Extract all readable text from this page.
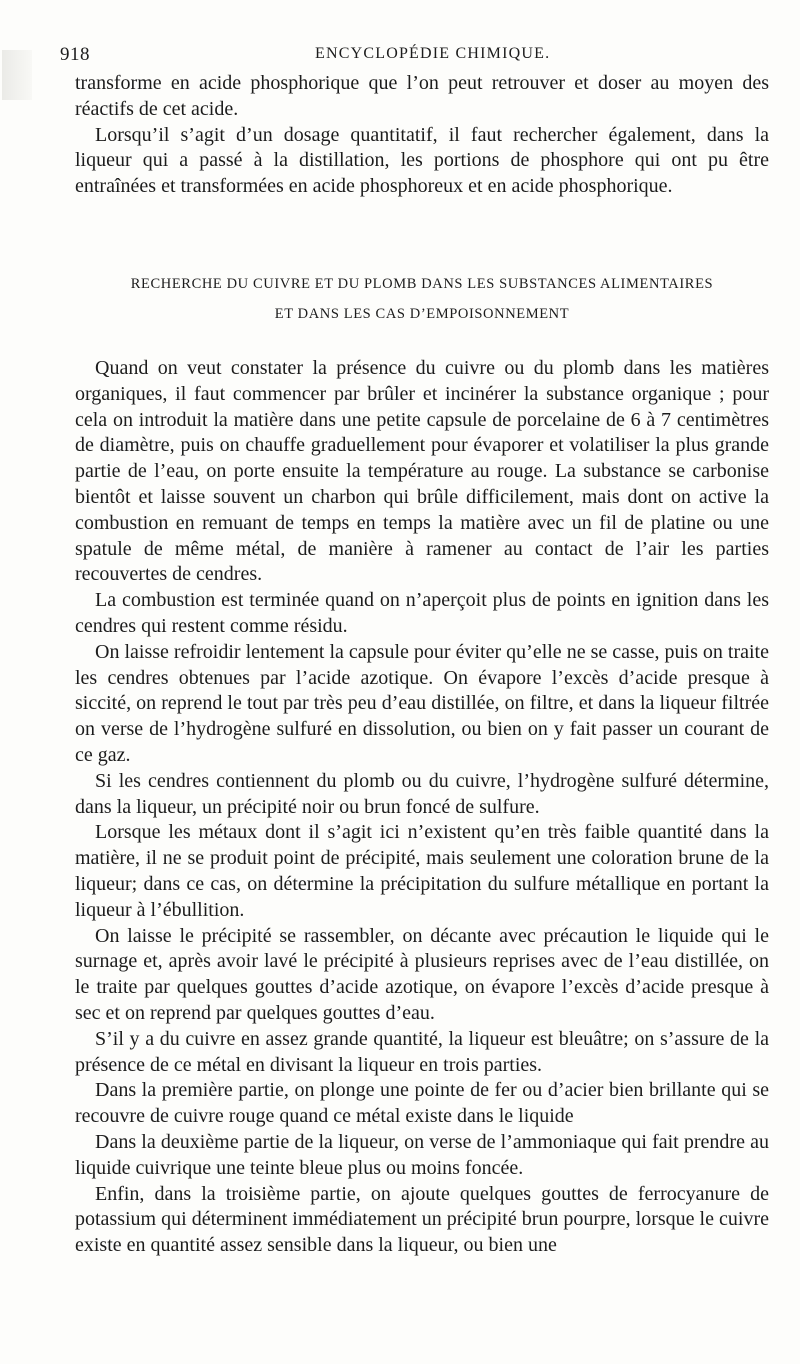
918	ENCYCLOPÉDIE CHIMIQUE.

transforme en acide phosphorique que l’on peut retrouver et doser au moyen des réactifs de cet acide.

Lorsqu’il s’agit d’un dosage quantitatif, il faut rechercher également, dans la liqueur qui a passé à la distillation, les portions de phosphore qui ont pu être entraînées et transformées en acide phosphoreux et en acide phosphorique.

RECHERCHE DU CUIVRE ET DU PLOMB DANS LES SUBSTANCES ALIMENTAIRES
ET DANS LES CAS D’EMPOISONNEMENT

Quand on veut constater la présence du cuivre ou du plomb dans les matières organiques, il faut commencer par brûler et incinérer la substance organique ; pour cela on introduit la matière dans une petite capsule de porcelaine de 6 à 7 centimètres de diamètre, puis on chauffe graduellement pour évaporer et volatiliser la plus grande partie de l’eau, on porte ensuite la température au rouge. La substance se carbonise bientôt et laisse souvent un charbon qui brûle difficilement, mais dont on active la combustion en remuant de temps en temps la matière avec un fil de platine ou une spatule de même métal, de manière à ramener au contact de l’air les parties recouvertes de cendres.

La combustion est terminée quand on n’aperçoit plus de points en ignition dans les cendres qui restent comme résidu.

On laisse refroidir lentement la capsule pour éviter qu’elle ne se casse, puis on traite les cendres obtenues par l’acide azotique. On évapore l’excès d’acide presque à siccité, on reprend le tout par très peu d’eau distillée, on filtre, et dans la liqueur filtrée on verse de l’hydrogène sulfuré en dissolution, ou bien on y fait passer un courant de ce gaz.

Si les cendres contiennent du plomb ou du cuivre, l’hydrogène sulfuré détermine, dans la liqueur, un précipité noir ou brun foncé de sulfure.

Lorsque les métaux dont il s’agit ici n’existent qu’en très faible quantité dans la matière, il ne se produit point de précipité, mais seulement une coloration brune de la liqueur; dans ce cas, on détermine la précipitation du sulfure métallique en portant la liqueur à l’ébullition.

On laisse le précipité se rassembler, on décante avec précaution le liquide qui le surnage et, après avoir lavé le précipité à plusieurs reprises avec de l’eau distillée, on le traite par quelques gouttes d’acide azotique, on évapore l’excès d’acide presque à sec et on reprend par quelques gouttes d’eau.

S’il y a du cuivre en assez grande quantité, la liqueur est bleuâtre; on s’assure de la présence de ce métal en divisant la liqueur en trois parties.

Dans la première partie, on plonge une pointe de fer ou d’acier bien brillante qui se recouvre de cuivre rouge quand ce métal existe dans le liquide

Dans la deuxième partie de la liqueur, on verse de l’ammoniaque qui fait prendre au liquide cuivrique une teinte bleue plus ou moins foncée.

Enfin, dans la troisième partie, on ajoute quelques gouttes de ferrocyanure de potassium qui déterminent immédiatement un précipité brun pourpre, lorsque le cuivre existe en quantité assez sensible dans la liqueur, ou bien une
